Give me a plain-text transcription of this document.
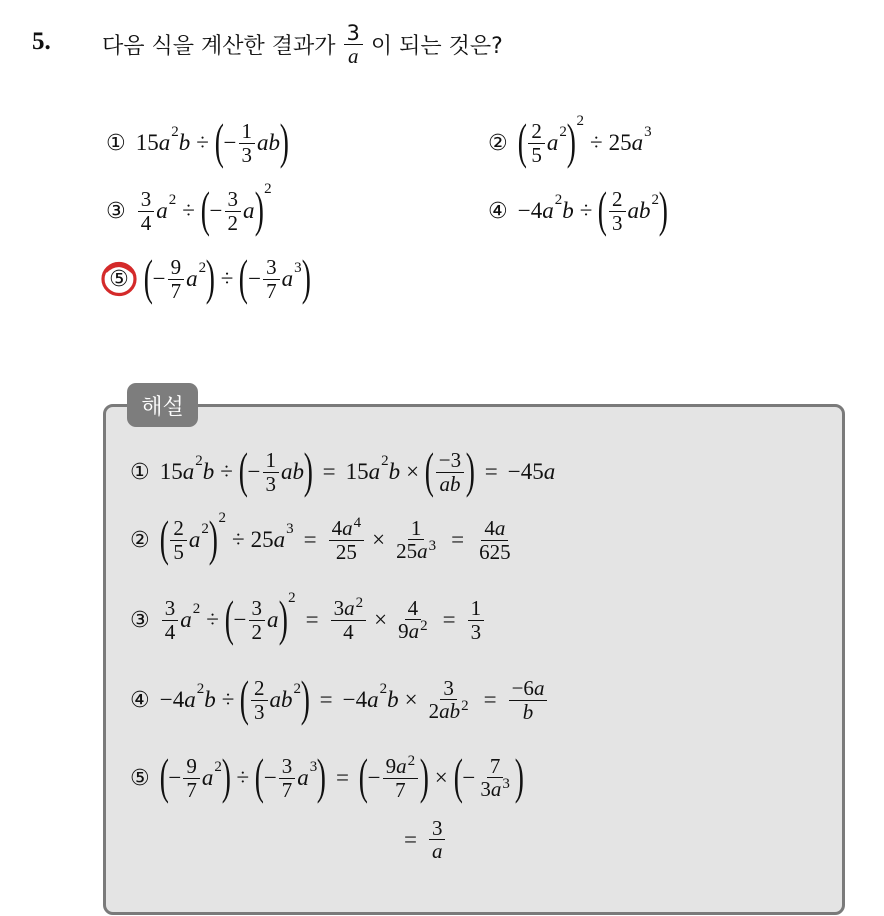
5. 다음 식을 계산한 결과가 $\frac{3}{a}$ 이 되는 것은?
① 15 a 2 b ÷ ( − $\frac{1}{3}$ ab )	② ( $\frac{2}{5}$ a 2 ) 2
÷ 25 a 3
③ $\frac{3}{4}$ a 2 ÷ ( − $\frac{3}{2}$ a ) 2
④ −4 a 2 b ÷ ( $\frac{2}{3}$ ab 2 )
⑤ ( − $\frac{9}{7}$ a 2 ) ÷ ( − $\frac{3}{7}$ a 3 )
해설
① 15 a 2 b ÷ ( − $\frac{1}{3}$ ab ) = 15 a 2 b × ( $\frac{-3}{ab}$ ) = −45 a
② ( $\frac{2}{5}$ a 2 ) 2
÷ 25 a $3 = \frac{4a^4}{25} \times \frac{1}{25a^3} = \frac{4a}{625}$
③ $\frac{3}{4}$ a 2 ÷ ( − $\frac{3}{2}$ a ) 2
= $\frac{3a^2}{4} \times \frac{4}{9a^2} = \frac{1}{3}$
④ −4 a 2 b ÷ ( $\frac{2}{3}$ ab 2 ) = −4 a 2 $b \times \frac{3}{2ab^2} = \frac{-6a}{b}$
⑤ ( − $\frac{9}{7}$ a 2 ) ÷ ( − $\frac{3}{7}$ a 3 ) = ( − $\frac{9a^2}{7}$ ) × ( − $\frac{7}{3a^3}$ )
= $\frac{3}{a}$
